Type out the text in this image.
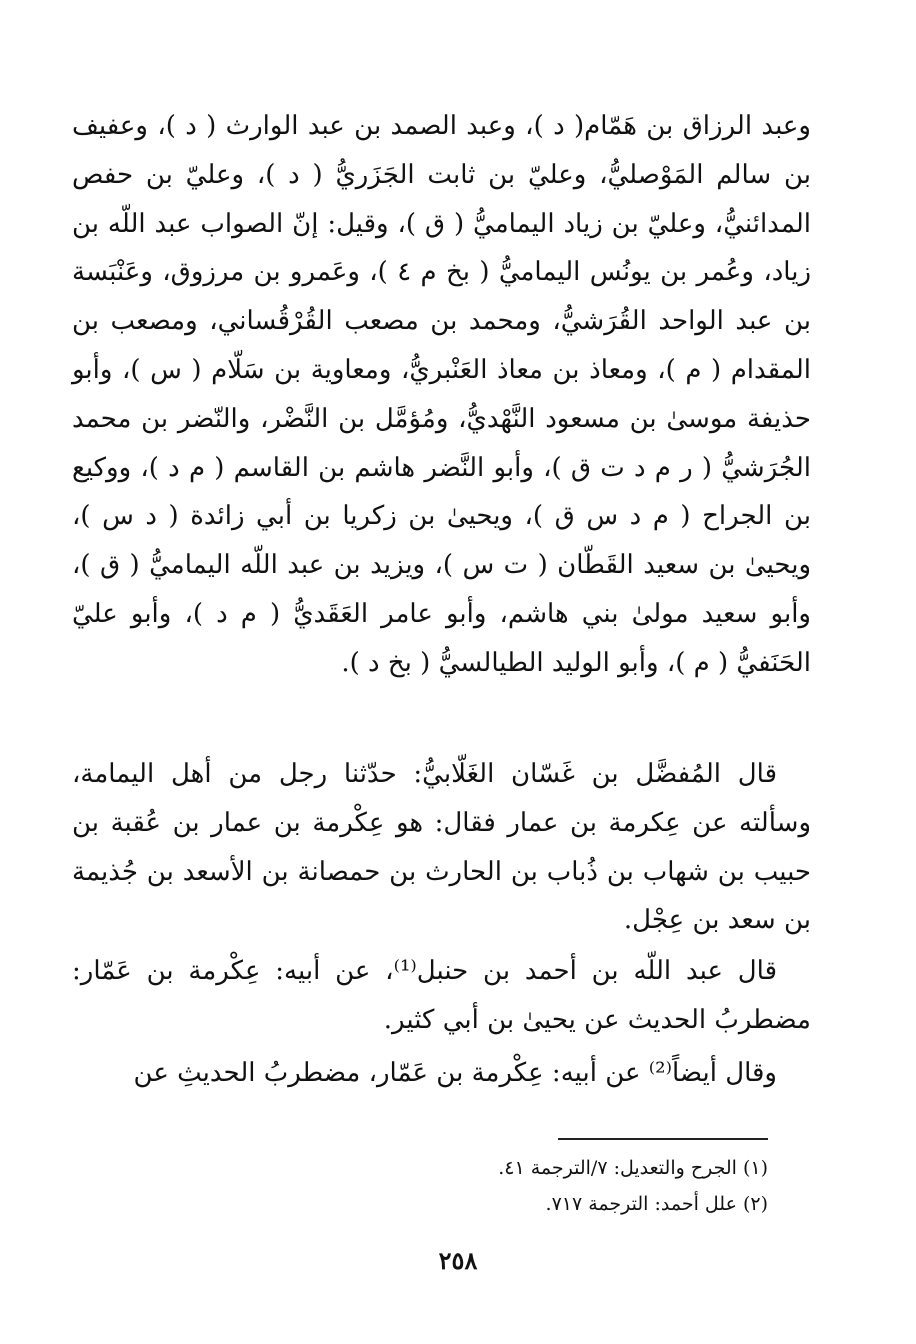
وعبد الرزاق بن هَمّام( د )، وعبد الصمد بن عبد الوارث ( د )، وعفيف بن سالم المَوْصليُّ، وعليّ بن ثابت الجَزَريُّ ( د )، وعليّ بن حفص المدائنيُّ، وعليّ بن زياد اليماميُّ ( ق )، وقيل: إنّ الصواب عبد اللّه بن زياد، وعُمر بن يونُس اليماميُّ ( بخ م ٤ )، وعَمرو بن مرزوق، وعَنْبَسة بن عبد الواحد القُرَشيُّ، ومحمد بن مصعب القُرْقُساني، ومصعب بن المقدام ( م )، ومعاذ بن معاذ العَنْبريُّ، ومعاوية بن سَلّام ( س )، وأبو حذيفة موسىٰ بن مسعود النَّهْديُّ، ومُؤمَّل بن النَّضْر، والنّضر بن محمد الجُرَشيُّ ( ر م د ت ق )، وأبو النَّضر هاشم بن القاسم ( م د )، ووكيع بن الجراح ( م د س ق )، ويحيىٰ بن زكريا بن أبي زائدة ( د س )، ويحيىٰ بن سعيد القَطّان ( ت س )، ويزيد بن عبد اللّه اليماميُّ ( ق )، وأبو سعيد مولىٰ بني هاشم، وأبو عامر العَقَديُّ ( م د )، وأبو عليّ الحَنَفيُّ ( م )، وأبو الوليد الطيالسيُّ ( بخ د ).

قال المُفضَّل بن غَسّان الغَلّابيُّ: حدّثنا رجل من أهل اليمامة، وسألته عن عِكرمة بن عمار فقال: هو عِكْرمة بن عمار بن عُقبة بن حبيب بن شهاب بن ذُباب بن الحارث بن حمصانة بن الأسعد بن جُذيمة بن سعد بن عِجْل.

قال عبد اللّه بن أحمد بن حنبل⁽¹⁾، عن أبيه: عِكْرمة بن عَمّار: مضطربُ الحديث عن يحيىٰ بن أبي كثير.

وقال أيضاً⁽²⁾ عن أبيه: عِكْرمة بن عَمّار، مضطربُ الحديثِ عن

(١) الجرح والتعديل: ٧/الترجمة ٤١.
(٢) علل أحمد: الترجمة ٧١٧.
٢٥٨
